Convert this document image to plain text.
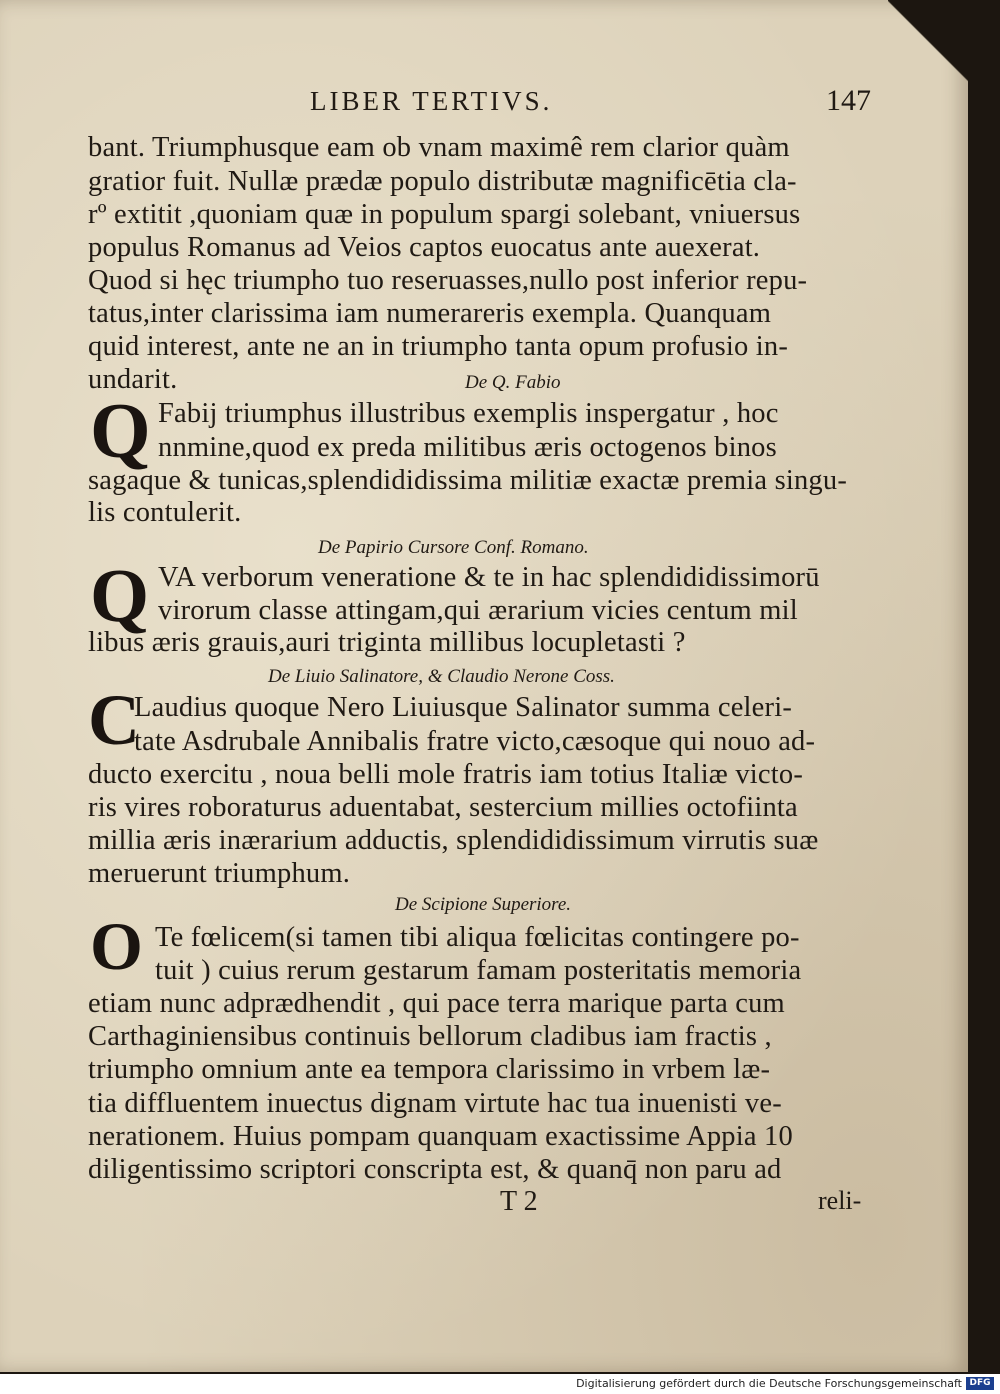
LIBER TERTIVS.	147
bant. Triumphusque eam ob vnam maximê rem clarior quàm
gratior fuit. Nullæ prædæ populo distributæ magnificētia cla-
rº extitit ,quoniam quæ in populum spargi solebant, vniuersus
populus Romanus ad Veios captos euocatus ante auexerat.
Quod si hęc triumpho tuo reseruasses,nullo post inferior repu-
tatus,inter clarissima iam numerareris exempla. Quanquam
quid interest, ante ne an in triumpho tanta opum profusio in-
undarit.	De Q. Fabio
Q Fabij triumphus illustribus exemplis inspergatur , hoc
nnmine,quod ex preda militibus æris octogenos binos
sagaque & tunicas,splendididissima militiæ exactæ premia singu-
lis contulerit.
De Papirio Cursore Conf. Romano.
Q VA verborum veneratione & te in hac splendididissimorū
virorum classe attingam,qui ærarium vicies centum mil
libus æris grauis,auri triginta millibus locupletasti ?
De Liuio Salinatore, & Claudio Nerone Coss.
C
Laudius quoque Nero Liuiusque Salinator summa celeri-
tate Asdrubale Annibalis fratre victo,cæsoque qui nouo ad-
ducto exercitu , noua belli mole fratris iam totius Italiæ victo-
ris vires roboraturus aduentabat, sestercium millies octofiinta
millia æris inærarium adductis, splendididissimum virrutis suæ
meruerunt triumphum.
De Scipione Superiore.
O Te fœlicem(si tamen tibi aliqua fœlicitas contingere po-
tuit ) cuius rerum gestarum famam posteritatis memoria
etiam nunc adprædhendit , qui pace terra marique parta cum
Carthaginiensibus continuis bellorum cladibus iam fractis ,
triumpho omnium ante ea tempora clarissimo in vrbem læ-
tia diffluentem inuectus dignam virtute hac tua inuenisti ve-
nerationem. Huius pompam quanquam exactissime Appia 10
diligentissimo scriptori conscripta est, & quanq̄ non paru ad
T 2	reli-
Digitalisierung gefördert durch die Deutsche Forschungsgemeinschaft DFG
